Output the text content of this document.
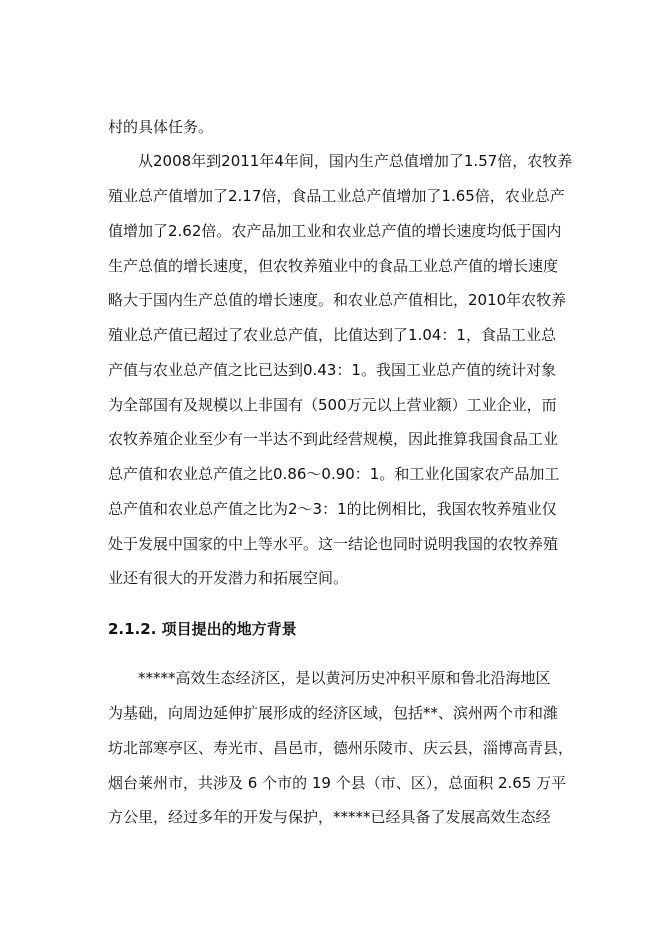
村的具体任务。
从2008年到2011年4年间，国内生产总值增加了1.57倍，农牧养
殖业总产值增加了2.17倍，食品工业总产值增加了1.65倍，农业总产
值增加了2.62倍。农产品加工业和农业总产值的增长速度均低于国内
生产总值的增长速度，但农牧养殖业中的食品工业总产值的增长速度
略大于国内生产总值的增长速度。和农业总产值相比，2010年农牧养
殖业总产值已超过了农业总产值，比值达到了1.04：1，食品工业总
产值与农业总产值之比已达到0.43：1。我国工业总产值的统计对象
为全部国有及规模以上非国有（500万元以上营业额）工业企业，而
农牧养殖企业至少有一半达不到此经营规模，因此推算我国食品工业
总产值和农业总产值之比0.86～0.90：1。和工业化国家农产品加工
总产值和农业总产值之比为2～3：1的比例相比，我国农牧养殖业仅
处于发展中国家的中上等水平。这一结论也同时说明我国的农牧养殖
业还有很大的开发潜力和拓展空间。
2.1.2. 项目提出的地方背景
*****高效生态经济区，是以黄河历史冲积平原和鲁北沿海地区
为基础，向周边延伸扩展形成的经济区域，包括**、滨州两个市和潍
坊北部寒亭区、寿光市、昌邑市，德州乐陵市、庆云县，淄博高青县，
烟台莱州市，共涉及 6 个市的 19 个县（市、区），总面积 2.65 万平
方公里，经过多年的开发与保护，*****已经具备了发展高效生态经
